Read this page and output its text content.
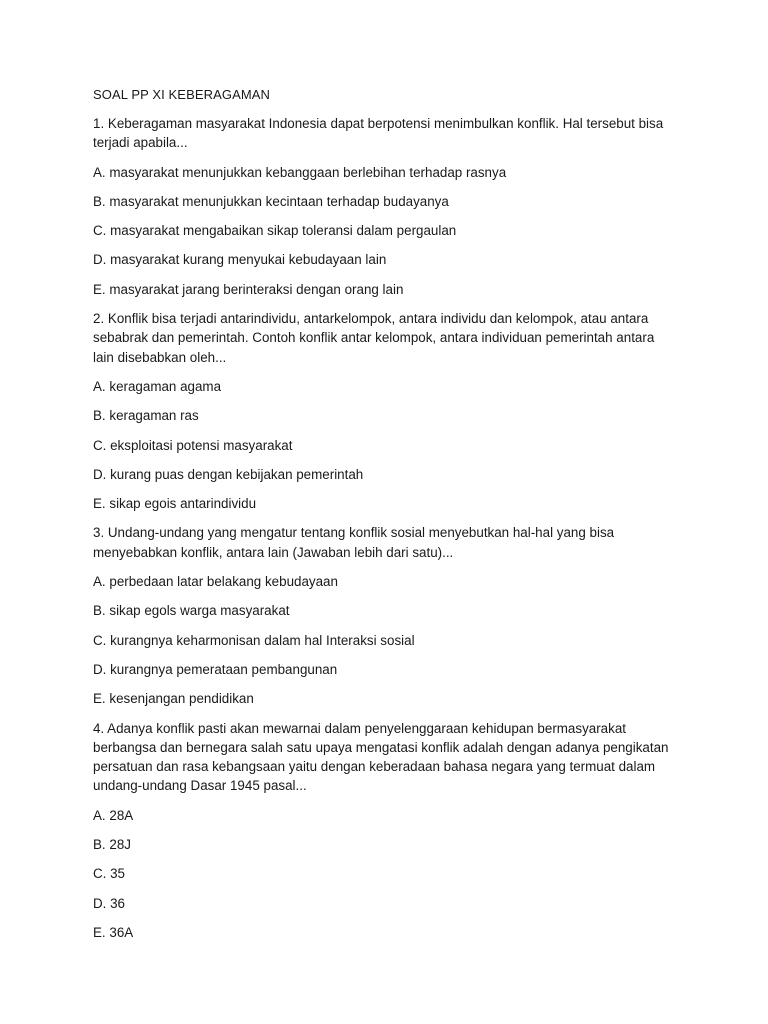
SOAL PP XI KEBERAGAMAN
1. Keberagaman masyarakat Indonesia dapat berpotensi menimbulkan konflik. Hal tersebut bisa terjadi apabila...
A. masyarakat menunjukkan kebanggaan berlebihan terhadap rasnya
B. masyarakat menunjukkan kecintaan terhadap budayanya
C. masyarakat mengabaikan sikap toleransi dalam pergaulan
D. masyarakat kurang menyukai kebudayaan lain
E. masyarakat jarang berinteraksi dengan orang lain
2. Konflik bisa terjadi antarindividu, antarkelompok, antara individu dan kelompok, atau antara sebabrak dan pemerintah. Contoh konflik antar kelompok, antara individuan pemerintah antara lain disebabkan oleh...
A. keragaman agama
B. keragaman ras
C. eksploitasi potensi masyarakat
D. kurang puas dengan kebijakan pemerintah
E. sikap egois antarindividu
3. Undang-undang yang mengatur tentang konflik sosial menyebutkan hal-hal yang bisa menyebabkan konflik, antara lain (Jawaban lebih dari satu)...
A. perbedaan latar belakang kebudayaan
B. sikap egols warga masyarakat
C. kurangnya keharmonisan dalam hal Interaksi sosial
D. kurangnya pemerataan pembangunan
E. kesenjangan pendidikan
4. Adanya konflik pasti akan mewarnai dalam penyelenggaraan kehidupan bermasyarakat berbangsa dan bernegara salah satu upaya mengatasi konflik adalah dengan adanya pengikatan persatuan dan rasa kebangsaan yaitu dengan keberadaan bahasa negara yang termuat dalam undang-undang Dasar 1945 pasal...
A. 28A
B. 28J
C. 35
D. 36
E. 36A
